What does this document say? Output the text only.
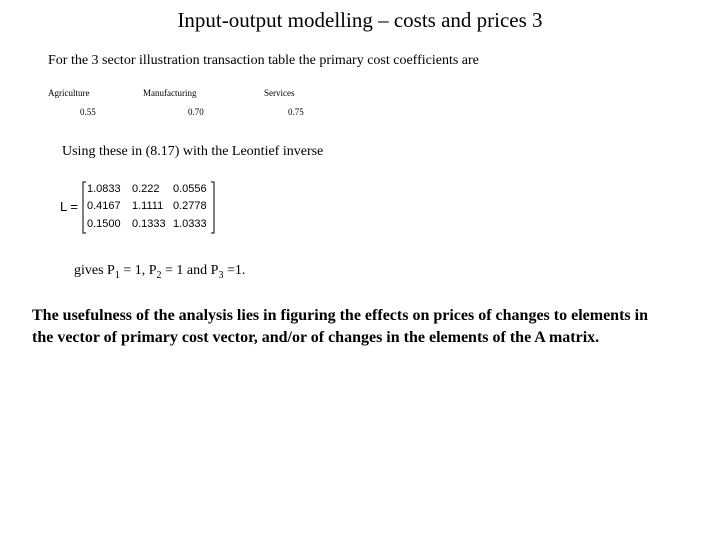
Input-output modelling – costs and prices 3
For the 3 sector illustration transaction table the primary cost coefficients are
Agriculture	Manufacturing	Services
0.55	0.70	0.75
Using these in (8.17) with the Leontief inverse
L =
1.0833 0.222 0.0556
0.4167 1.1111 0.2778
0.1500 0.1333 1.0333
gives $P_1 = 1$, $P_2 = 1$ and $P_3 =1$.
The usefulness of the analysis lies in figuring the effects on prices of changes to elements in the vector of primary cost vector, and/or of changes in the elements of the A matrix.
